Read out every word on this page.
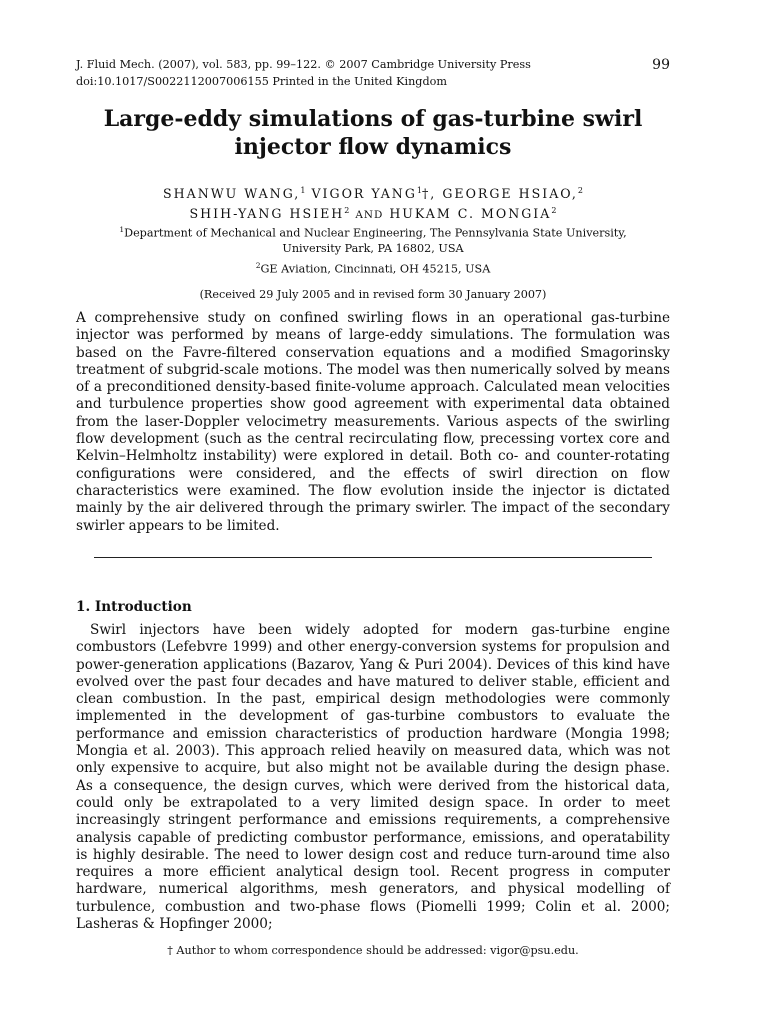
J. Fluid Mech. (2007), vol. 583, pp. 99–122. © 2007 Cambridge University Press
doi:10.1017/S0022112007006155 Printed in the United Kingdom
99
Large-eddy simulations of gas-turbine swirl
injector flow dynamics
SHANWU WANG,$^1$ VIGOR YANG$^1$†, GEORGE HSIAO,$^2$
SHIH-YANG HSIEH$^2$ AND HUKAM C. MONGIA$^2$
$^1$Department of Mechanical and Nuclear Engineering, The Pennsylvania State University,
University Park, PA 16802, USA
$^2$GE Aviation, Cincinnati, OH 45215, USA
(Received 29 July 2005 and in revised form 30 January 2007)
A comprehensive study on confined swirling flows in an operational gas-turbine injector was performed by means of large-eddy simulations. The formulation was based on the Favre-filtered conservation equations and a modified Smagorinsky treatment of subgrid-scale motions. The model was then numerically solved by means of a preconditioned density-based finite-volume approach. Calculated mean velocities and turbulence properties show good agreement with experimental data obtained from the laser-Doppler velocimetry measurements. Various aspects of the swirling flow development (such as the central recirculating flow, precessing vortex core and Kelvin–Helmholtz instability) were explored in detail. Both co- and counter-rotating configurations were considered, and the effects of swirl direction on flow characteristics were examined. The flow evolution inside the injector is dictated mainly by the air delivered through the primary swirler. The impact of the secondary swirler appears to be limited.
1. Introduction
Swirl injectors have been widely adopted for modern gas-turbine engine combustors (Lefebvre 1999) and other energy-conversion systems for propulsion and power-generation applications (Bazarov, Yang & Puri 2004). Devices of this kind have evolved over the past four decades and have matured to deliver stable, efficient and clean combustion. In the past, empirical design methodologies were commonly implemented in the development of gas-turbine combustors to evaluate the performance and emission characteristics of production hardware (Mongia 1998; Mongia et al. 2003). This approach relied heavily on measured data, which was not only expensive to acquire, but also might not be available during the design phase. As a consequence, the design curves, which were derived from the historical data, could only be extrapolated to a very limited design space. In order to meet increasingly stringent performance and emissions requirements, a comprehensive analysis capable of predicting combustor performance, emissions, and operatability is highly desirable. The need to lower design cost and reduce turn-around time also requires a more efficient analytical design tool. Recent progress in computer hardware, numerical algorithms, mesh generators, and physical modelling of turbulence, combustion and two-phase flows (Piomelli 1999; Colin et al. 2000; Lasheras & Hopfinger 2000;
† Author to whom correspondence should be addressed: vigor@psu.edu.
